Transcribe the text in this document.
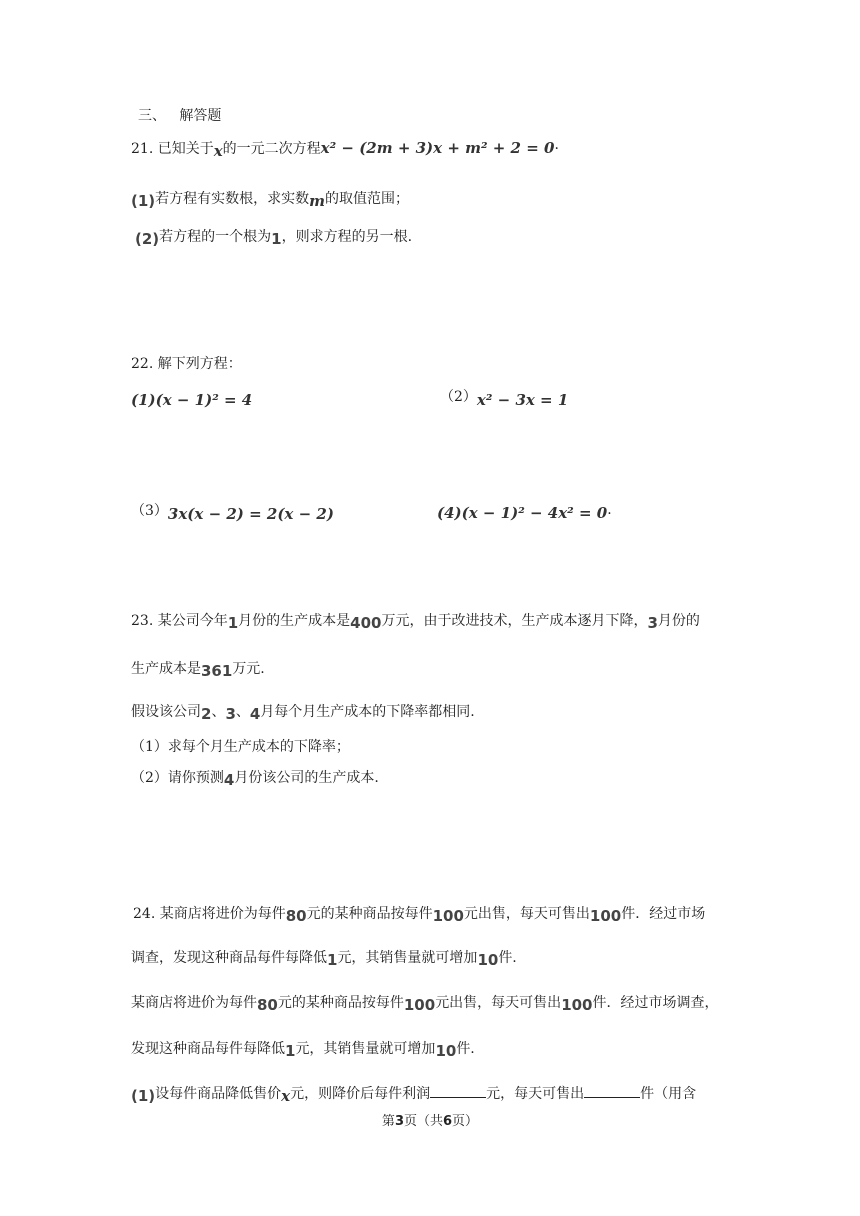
三、 解答题
21. 已知关于x的一元二次方程x² − (2m + 3)x + m² + 2 = 0·
(1)若方程有实数根，求实数m的取值范围；
(2)若方程的一个根为1，则求方程的另一根.
22. 解下列方程：
(1)(x − 1)² = 4	（2）x² − 3x = 1
（3）3x(x − 2) = 2(x − 2)	(4)(x − 1)² − 4x² = 0·
23. 某公司今年1月份的生产成本是400万元，由于改进技术，生产成本逐月下降，3月份的
生产成本是361万元.
假设该公司2、3、4月每个月生产成本的下降率都相同.
（1）求每个月生产成本的下降率；
（2）请你预测4月份该公司的生产成本.
24. 某商店将进价为每件80元的某种商品按每件100元出售，每天可售出100件．经过市场
调查，发现这种商品每件每降低1元，其销售量就可增加10件.
某商店将进价为每件80元的某种商品按每件100元出售，每天可售出100件．经过市场调查，
发现这种商品每件每降低1元，其销售量就可增加10件.
(1)设每件商品降低售价x元，则降价后每件利润	元，每天可售出	件（用含
第3页（共6页）
